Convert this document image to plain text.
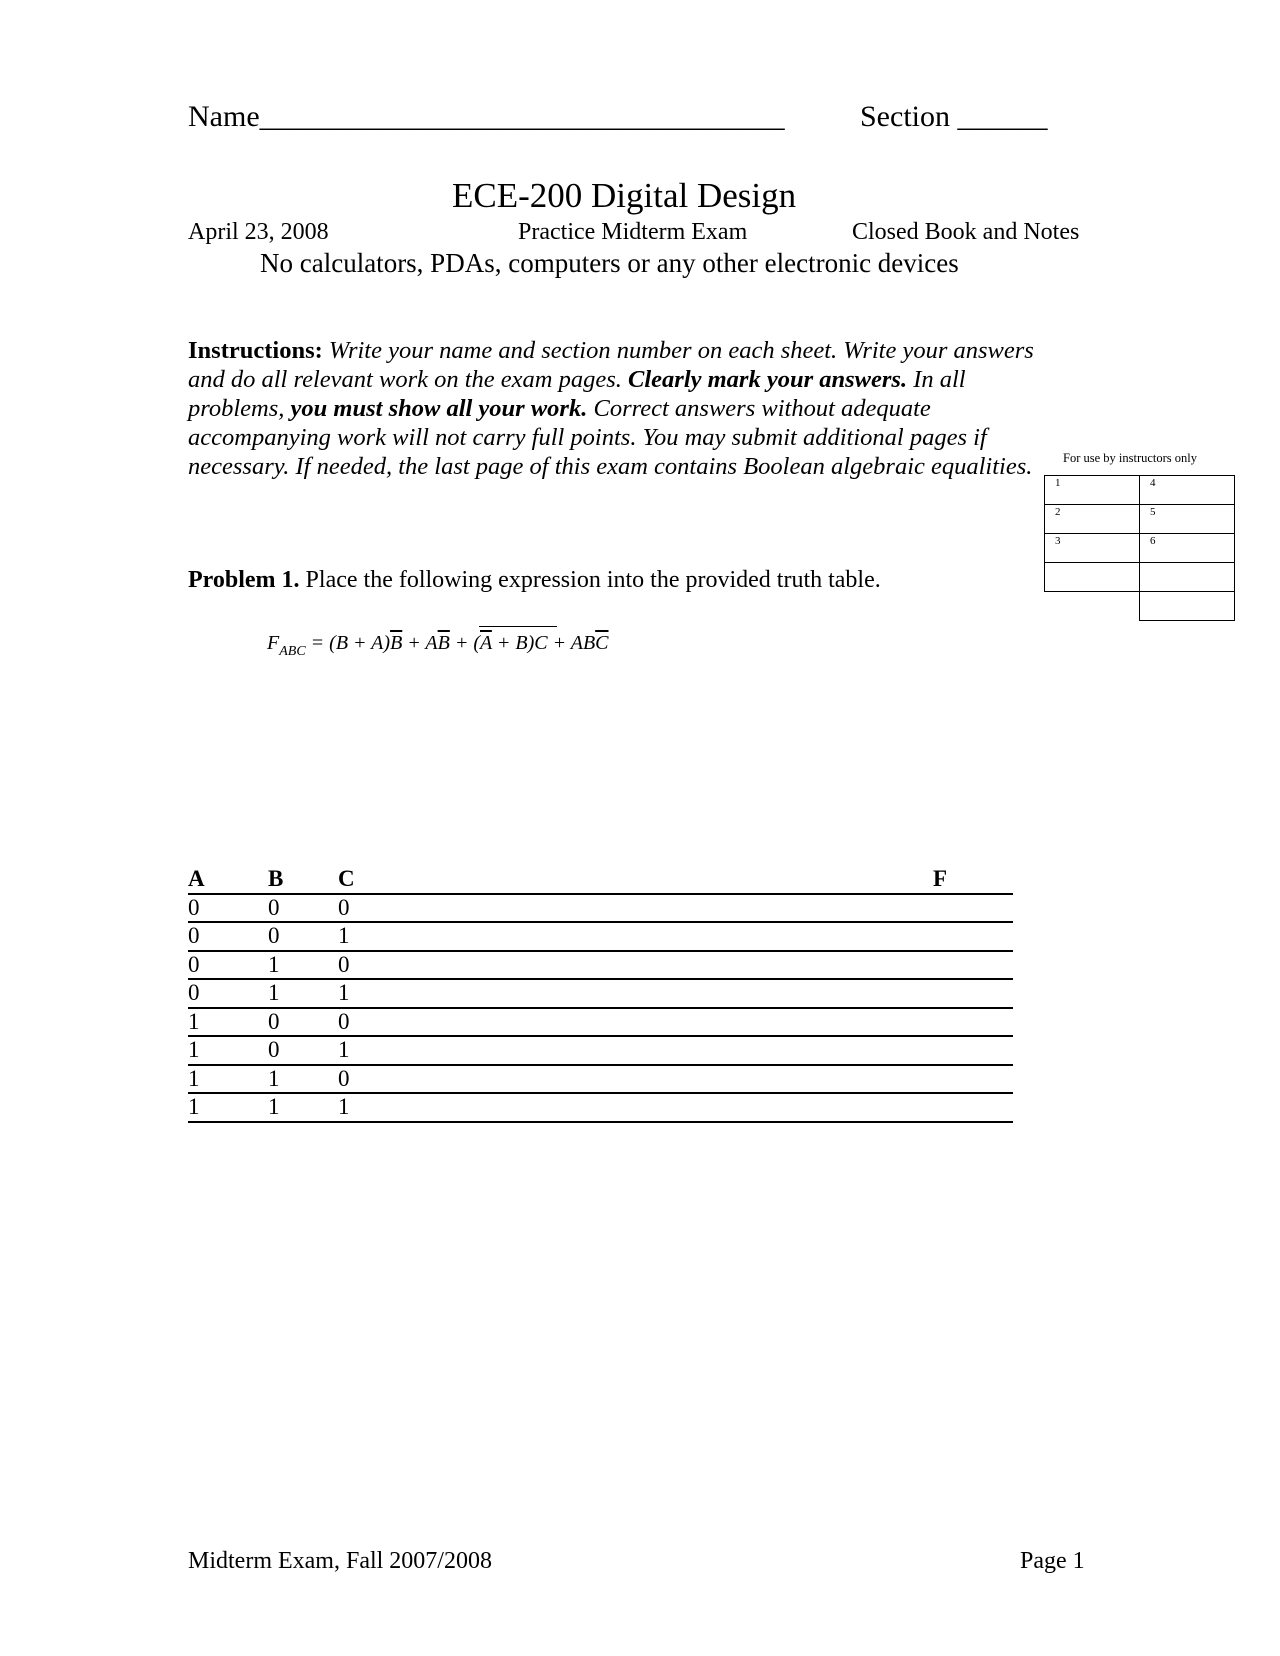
Name___________________________________	Section ______
ECE-200 Digital Design
April 23, 2008	Practice Midterm Exam	Closed Book and Notes
No calculators, PDAs, computers or any other electronic devices
Instructions: Write your name and section number on each sheet. Write your answers and do all relevant work on the exam pages. Clearly mark your answers. In all problems, you must show all your work. Correct answers without adequate accompanying work will not carry full points. You may submit additional pages if necessary. If needed, the last page of this exam contains Boolean algebraic equalities.	For use by instructors only
1	4
2	5
3	6

Problem 1. Place the following expression into the provided truth table.
$F_{ABC} = (B + A)\overline{B} + A\overline{B} + (\overline{A} + B)C + AB\overline{C}$
A	B	C	F
0	0	0	
0	0	1	
0	1	0	
0	1	1	
1	0	0	
1	0	1	
1	1	0	
1	1	1	
Midterm Exam, Fall 2007/2008	Page 1
